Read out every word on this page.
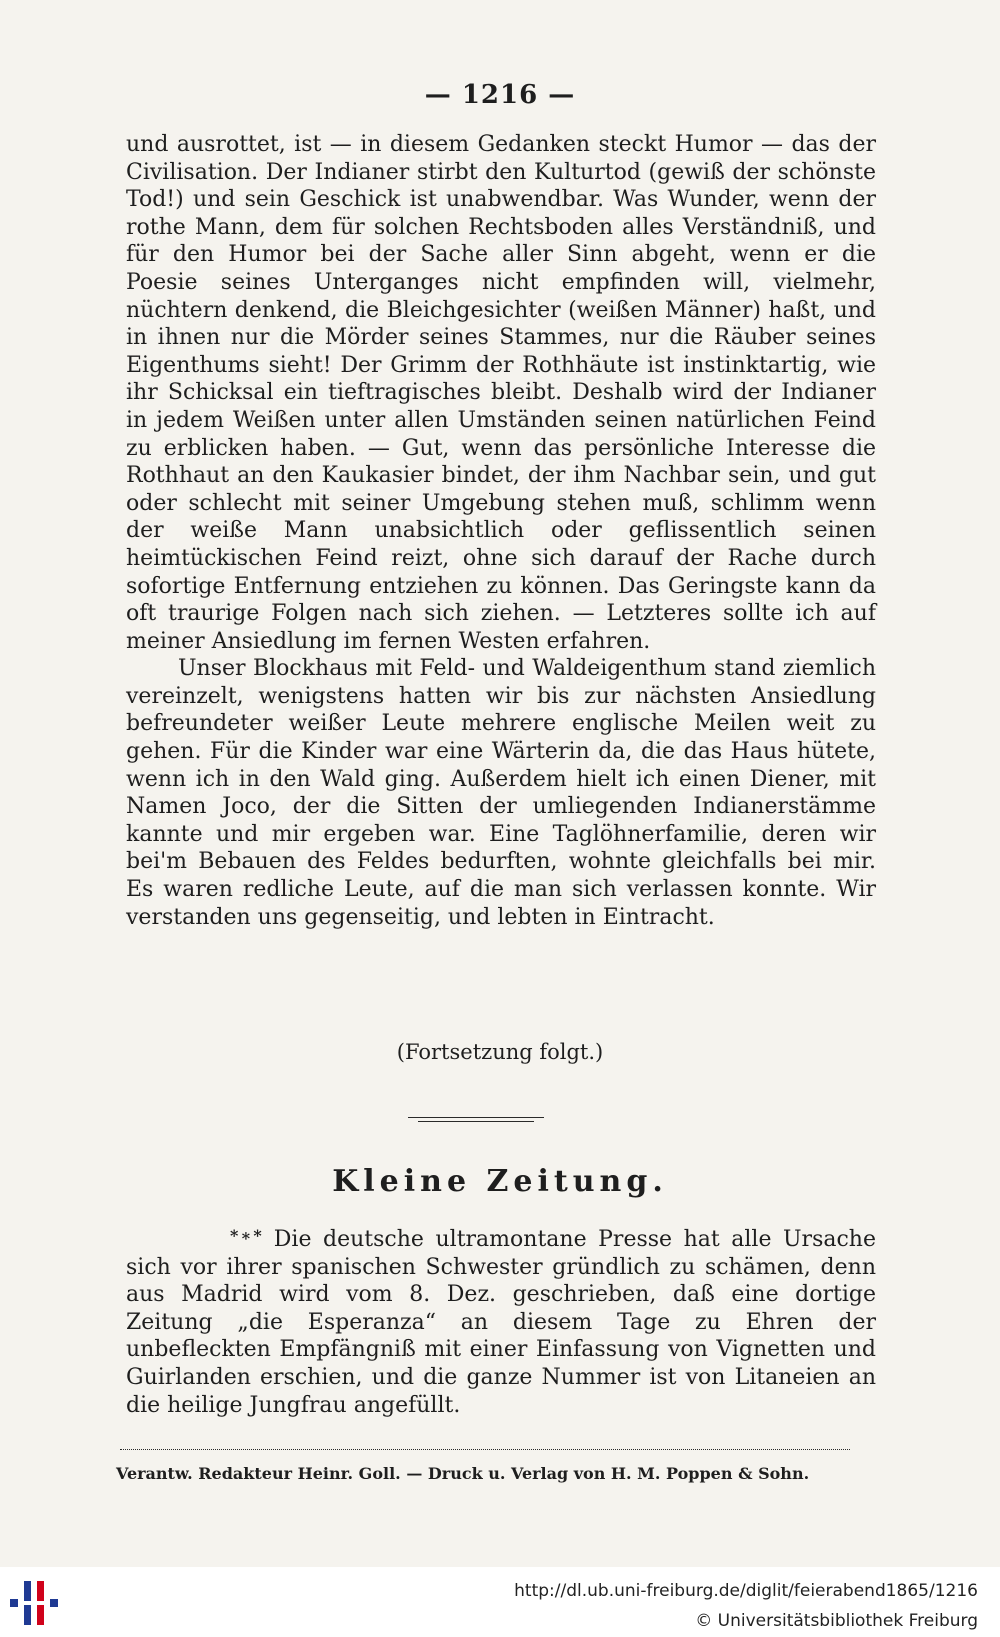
— 1216 —

und ausrottet, ist — in diesem Gedanken steckt Humor — das der Civilisation. Der Indianer stirbt den Kulturtod (gewiß der schönste Tod!) und sein Geschick ist unabwendbar. Was Wunder, wenn der rothe Mann, dem für solchen Rechtsboden alles Verständniß, und für den Humor bei der Sache aller Sinn abgeht, wenn er die Poesie seines Unterganges nicht empfinden will, vielmehr, nüchtern denkend, die Bleichgesichter (weißen Männer) haßt, und in ihnen nur die Mörder seines Stammes, nur die Räuber seines Eigenthums sieht! Der Grimm der Rothhäute ist instinktartig, wie ihr Schicksal ein tieftragisches bleibt. Deshalb wird der Indianer in jedem Weißen unter allen Umständen seinen natürlichen Feind zu erblicken haben. — Gut, wenn das persönliche Interesse die Rothhaut an den Kaukasier bindet, der ihm Nachbar sein, und gut oder schlecht mit seiner Umgebung stehen muß, schlimm wenn der weiße Mann unabsichtlich oder geflissentlich seinen heimtückischen Feind reizt, ohne sich darauf der Rache durch sofortige Entfernung entziehen zu können. Das Geringste kann da oft traurige Folgen nach sich ziehen. — Letzteres sollte ich auf meiner Ansiedlung im fernen Westen erfahren.

Unser Blockhaus mit Feld- und Waldeigenthum stand ziemlich vereinzelt, wenigstens hatten wir bis zur nächsten Ansiedlung befreundeter weißer Leute mehrere englische Meilen weit zu gehen. Für die Kinder war eine Wärterin da, die das Haus hütete, wenn ich in den Wald ging. Außerdem hielt ich einen Diener, mit Namen Joco, der die Sitten der umliegenden Indianerstämme kannte und mir ergeben war. Eine Taglöhnerfamilie, deren wir bei'm Bebauen des Feldes bedurften, wohnte gleichfalls bei mir. Es waren redliche Leute, auf die man sich verlassen konnte. Wir verstanden uns gegenseitig, und lebten in Eintracht.

(Fortsetzung folgt.)
Kleine Zeitung.

*∗* Die deutsche ultramontane Presse hat alle Ursache sich vor ihrer spanischen Schwester gründlich zu schämen, denn aus Madrid wird vom 8. Dez. geschrieben, daß eine dortige Zeitung „die Esperanza“ an diesem Tage zu Ehren der unbefleckten Empfängniß mit einer Einfassung von Vignetten und Guirlanden erschien, und die ganze Nummer ist von Litaneien an die heilige Jungfrau angefüllt.

Verantw. Redakteur Heinr. Goll. — Druck u. Verlag von H. M. Poppen & Sohn.
http://dl.ub.uni-freiburg.de/diglit/feierabend1865/1216
© Universitätsbibliothek Freiburg
